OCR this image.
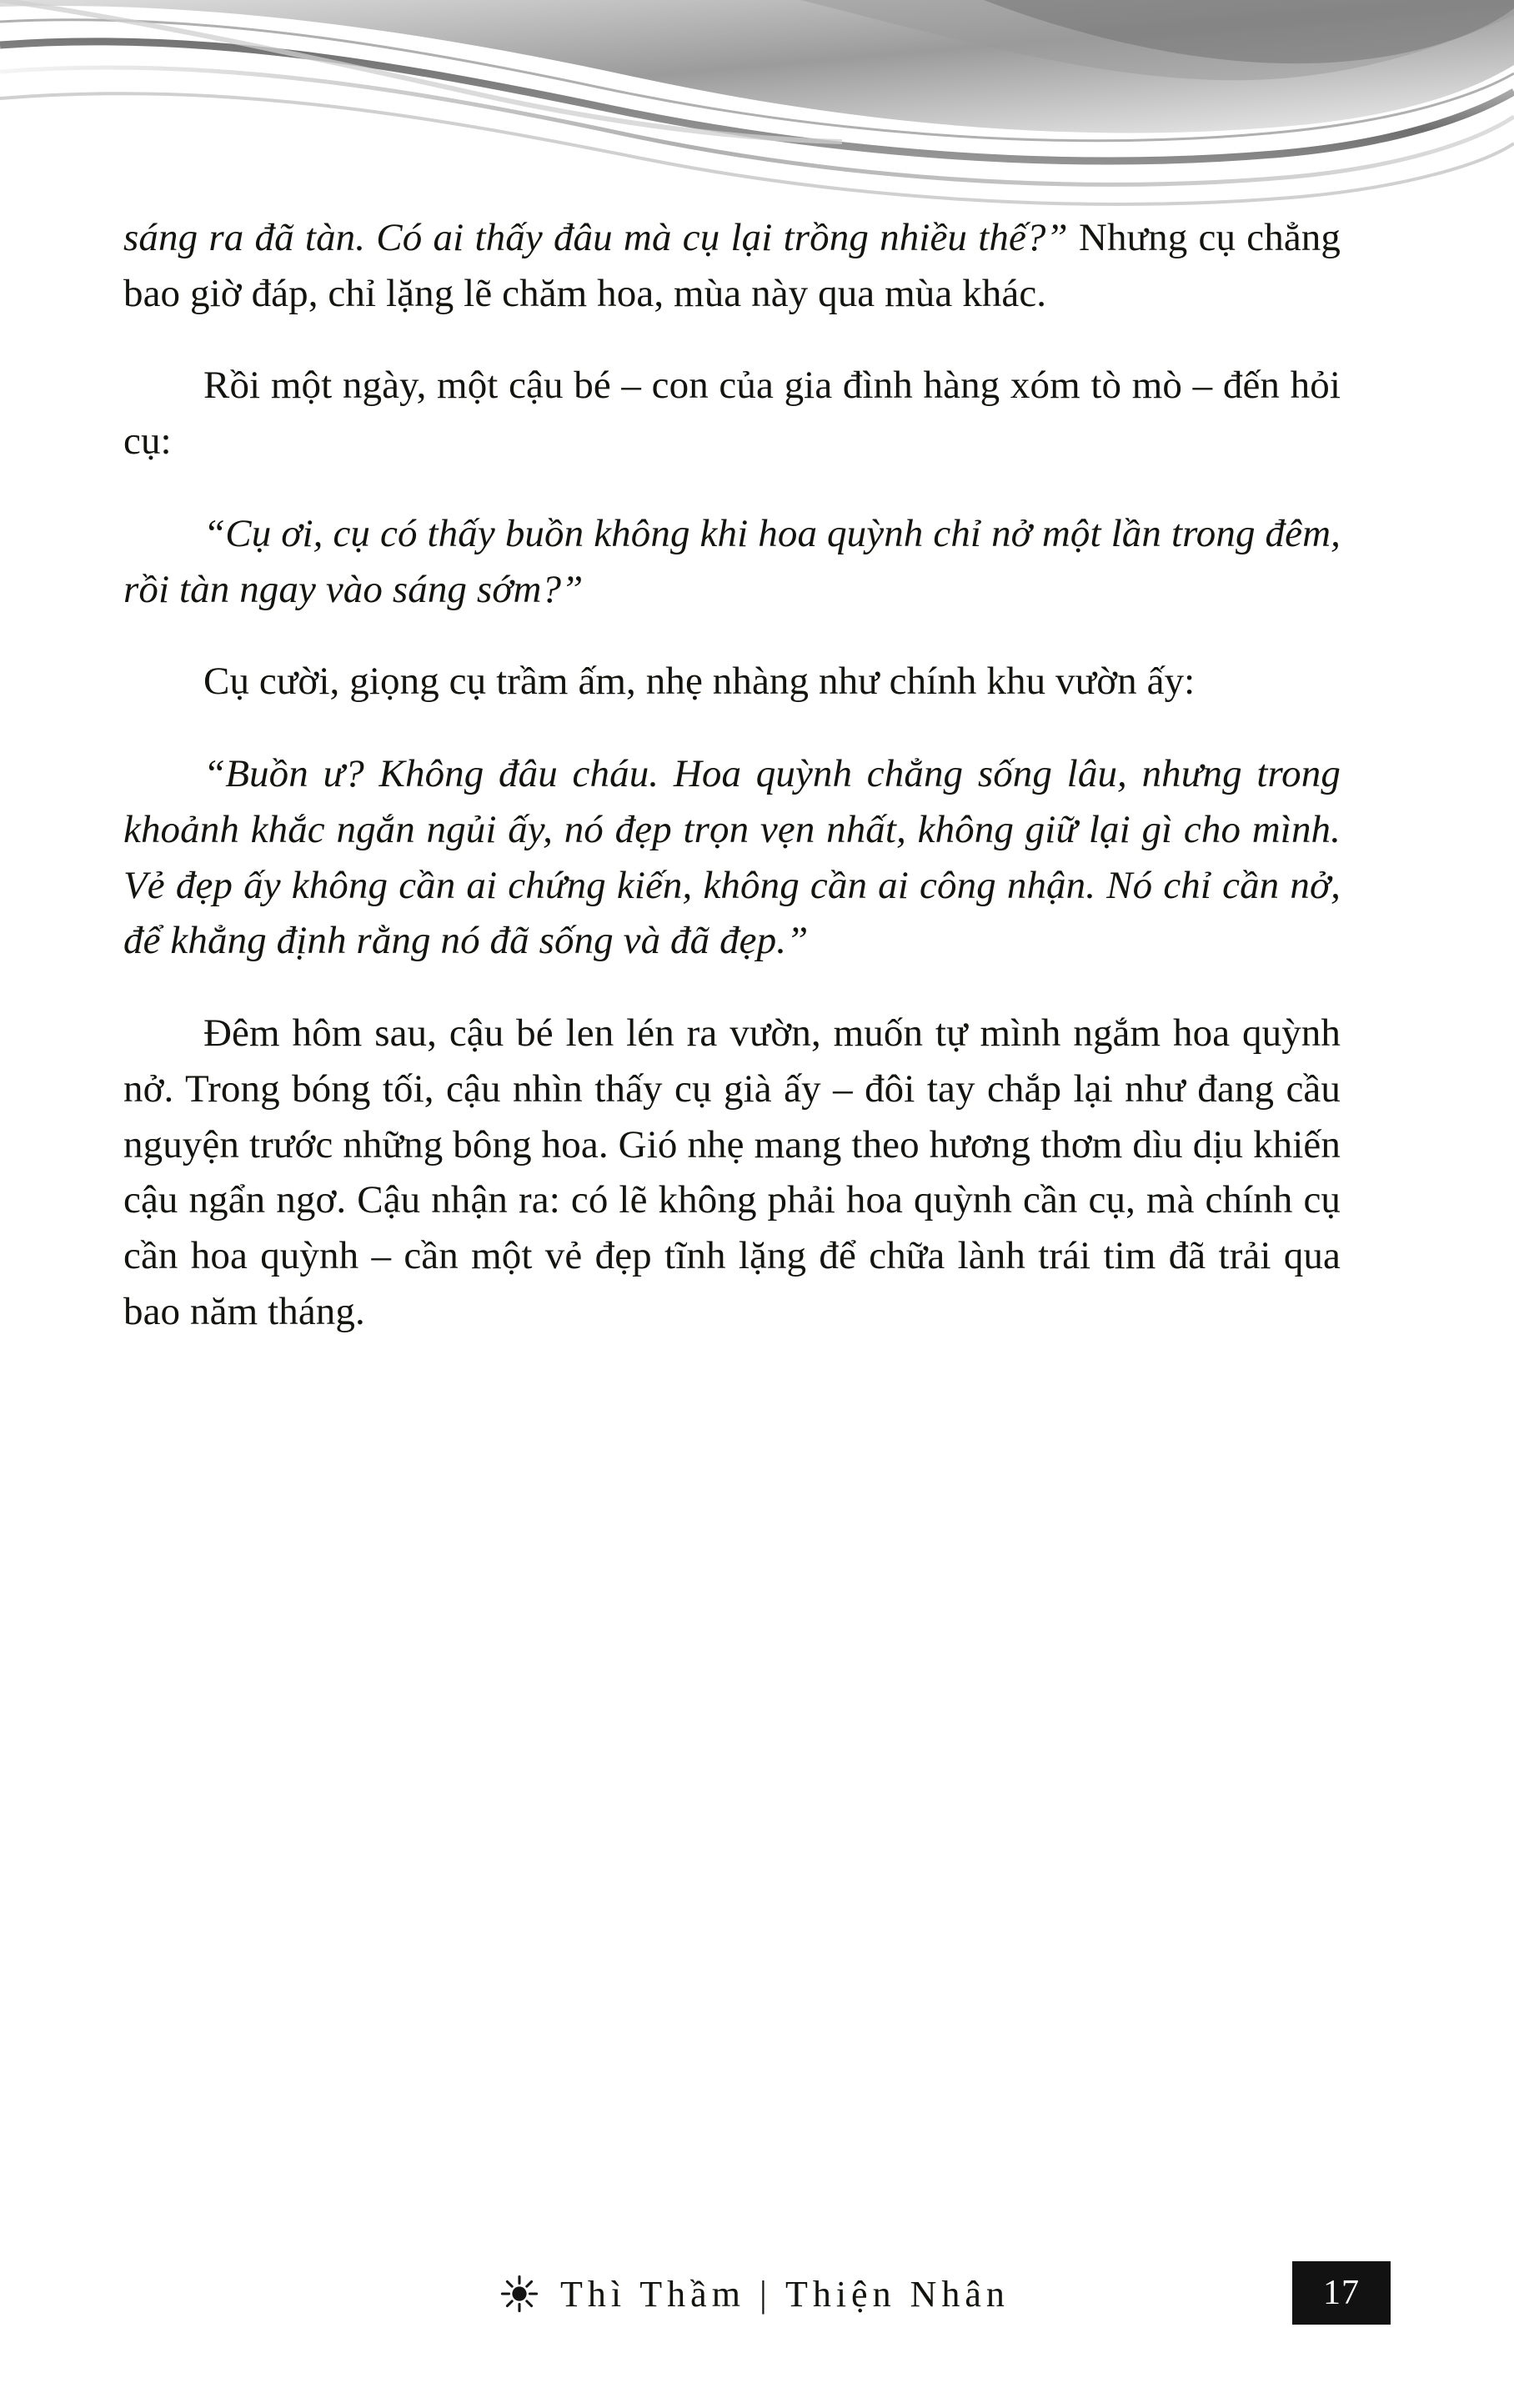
sáng ra đã tàn. Có ai thấy đâu mà cụ lại trồng nhiều thế?” Nhưng cụ chẳng bao giờ đáp, chỉ lặng lẽ chăm hoa, mùa này qua mùa khác.

Rồi một ngày, một cậu bé – con của gia đình hàng xóm tò mò – đến hỏi cụ:

“Cụ ơi, cụ có thấy buồn không khi hoa quỳnh chỉ nở một lần trong đêm, rồi tàn ngay vào sáng sớm?”

Cụ cười, giọng cụ trầm ấm, nhẹ nhàng như chính khu vườn ấy:

“Buồn ư? Không đâu cháu. Hoa quỳnh chẳng sống lâu, nhưng trong khoảnh khắc ngắn ngủi ấy, nó đẹp trọn vẹn nhất, không giữ lại gì cho mình. Vẻ đẹp ấy không cần ai chứng kiến, không cần ai công nhận. Nó chỉ cần nở, để khẳng định rằng nó đã sống và đã đẹp.”

Đêm hôm sau, cậu bé len lén ra vườn, muốn tự mình ngắm hoa quỳnh nở. Trong bóng tối, cậu nhìn thấy cụ già ấy – đôi tay chắp lại như đang cầu nguyện trước những bông hoa. Gió nhẹ mang theo hương thơm dìu dịu khiến cậu ngẩn ngơ. Cậu nhận ra: có lẽ không phải hoa quỳnh cần cụ, mà chính cụ cần hoa quỳnh – cần một vẻ đẹp tĩnh lặng để chữa lành trái tim đã trải qua bao năm tháng.

Thì Thầm | Thiện Nhân	17
